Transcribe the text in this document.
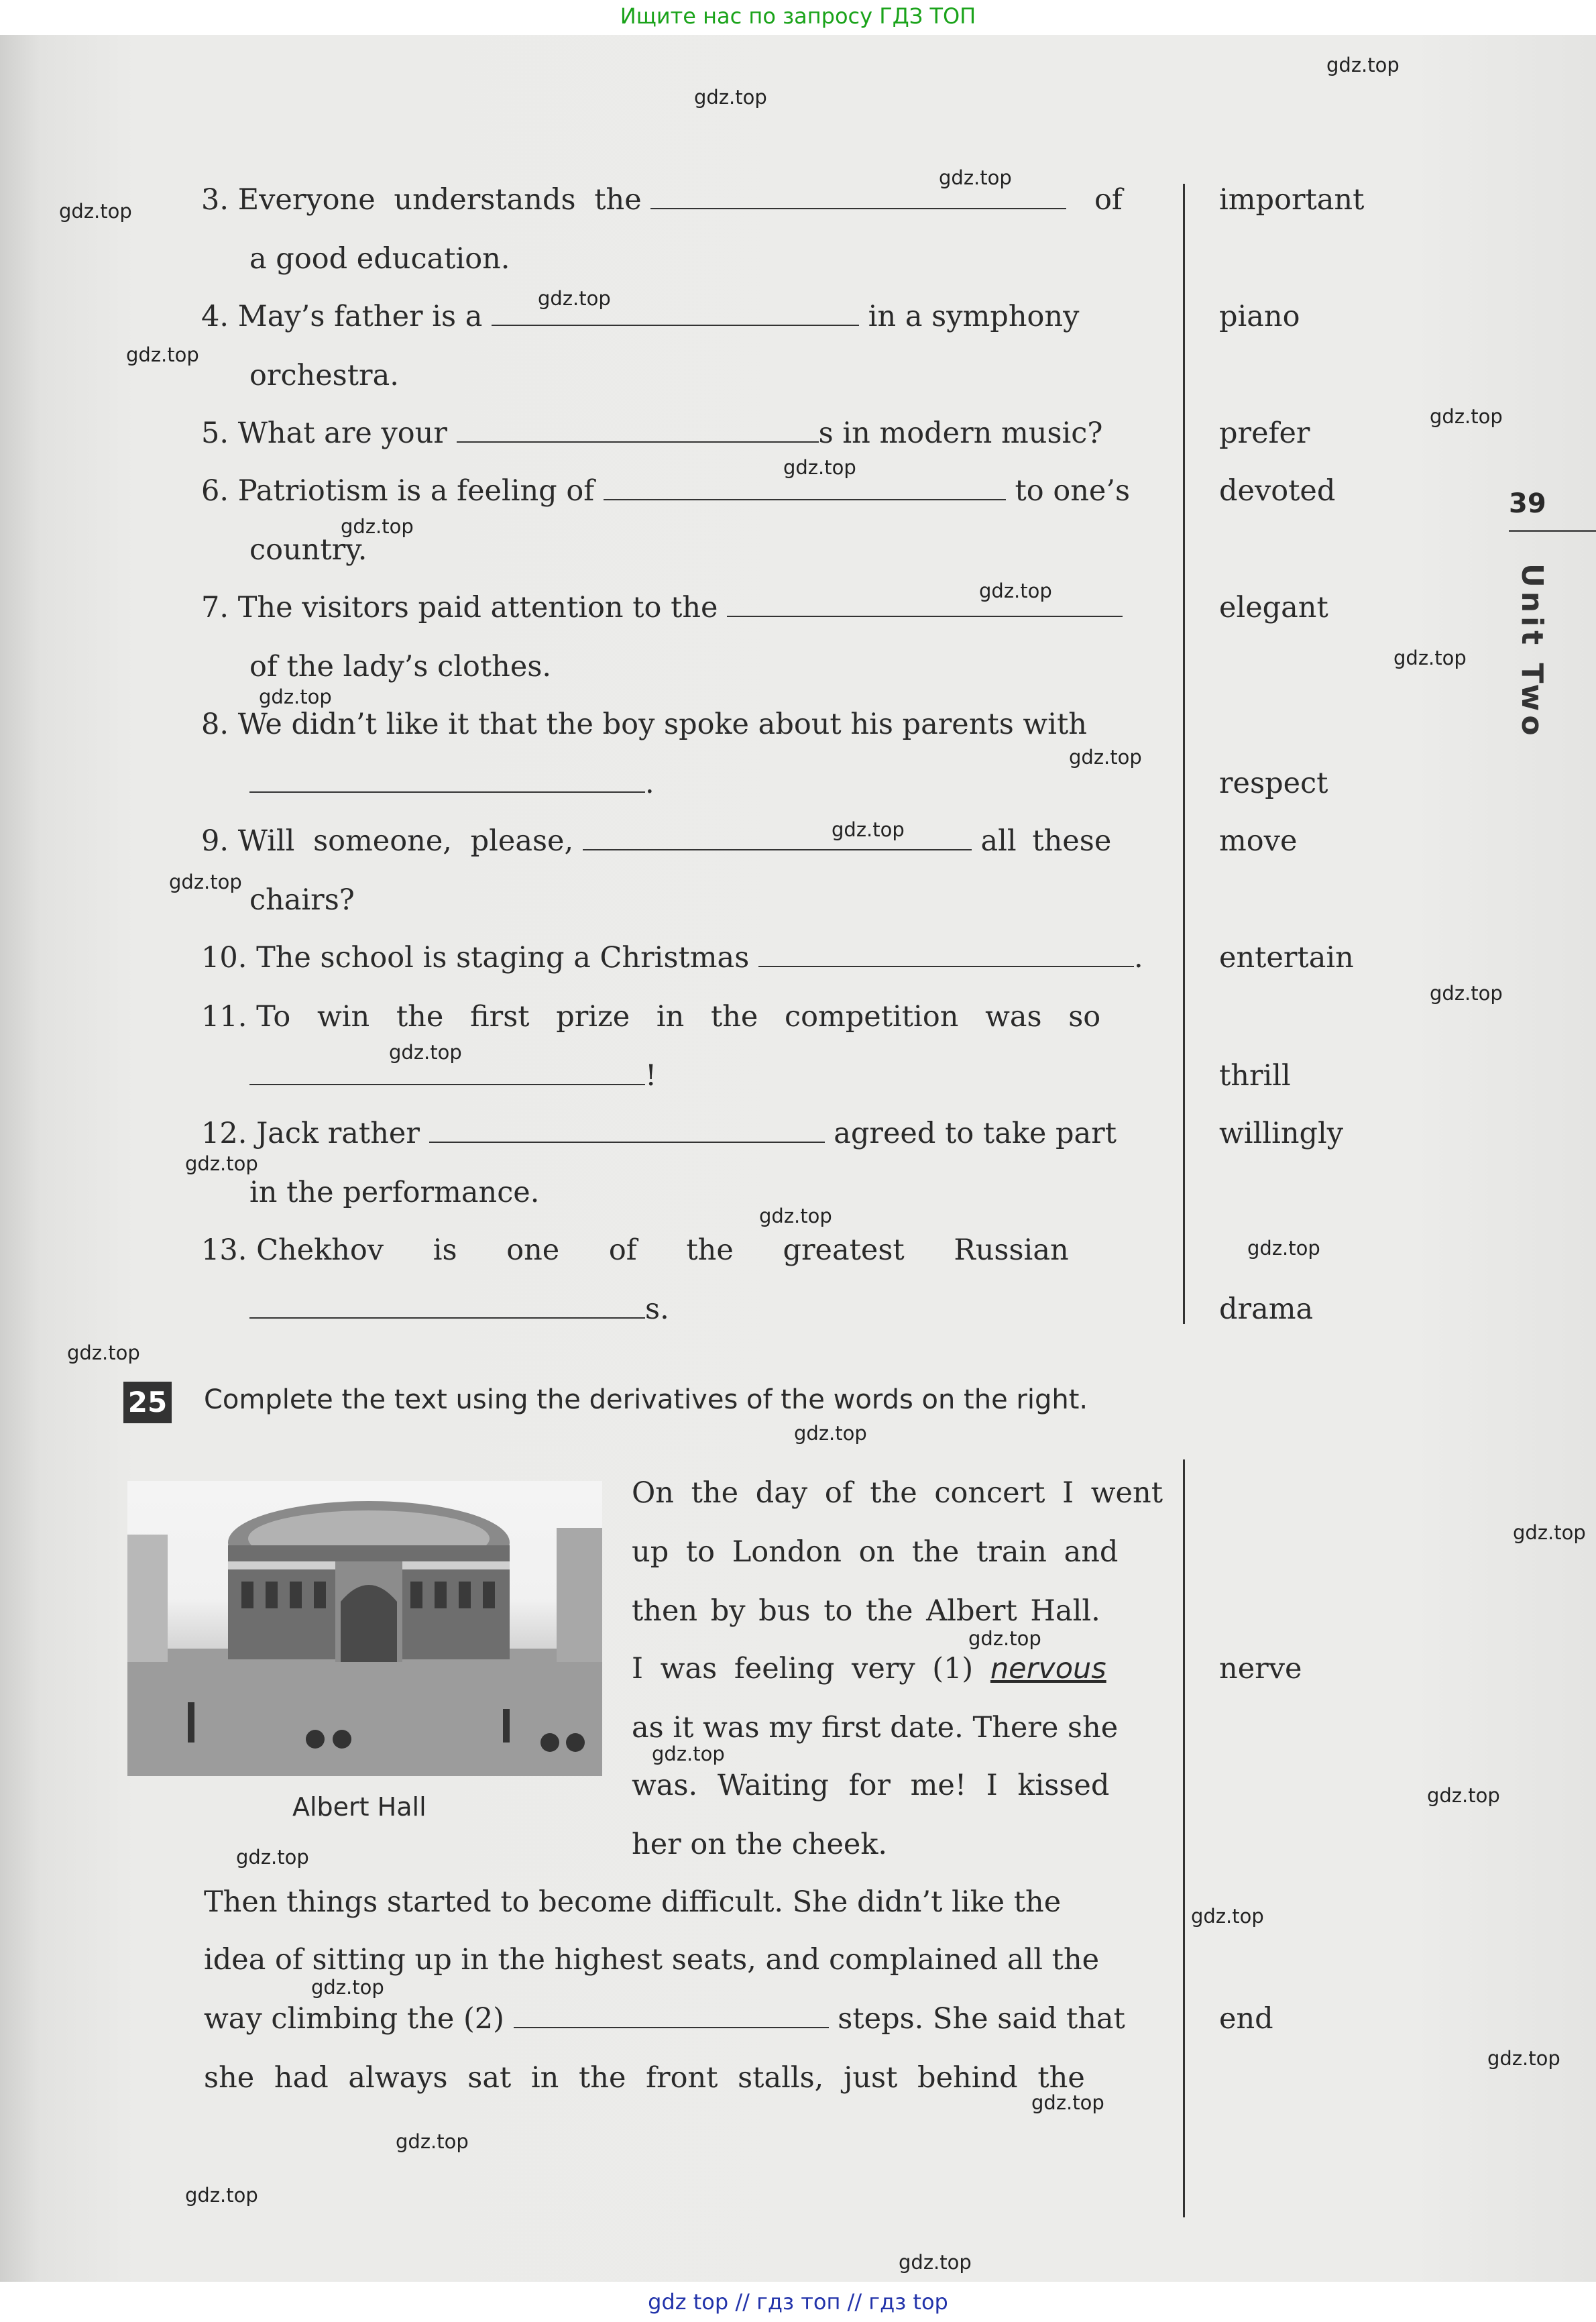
Ищите нас по запросу ГДЗ ТОП
gdz.top
gdz.top
gdz.top
gdz.top
gdz.top
gdz.top
gdz.top
gdz.top
gdz.top
gdz.top
gdz.top
gdz.top
gdz.top
gdz.top
gdz.top
gdz.top
gdz.top
gdz.top
gdz.top
gdz.top
gdz.top
gdz.top
gdz.top
gdz.top
gdz.top
gdz.top
gdz.top
gdz.top
gdz.top
gdz.top
gdz.top
gdz.top
gdz.top
gdz.top
39
Unit Two
3. Everyone understands the	of
a good education.
important
4. May’s father is a	in a symphony
orchestra.
piano
5. What are your	s in modern music?	prefer
6. Patriotism is a feeling of	to one’s
country.
devoted
7. The visitors paid attention to the
of the lady’s clothes.
elegant
8. We didn’t like it that the boy spoke about his parents with
.	respect
9. Will someone, please,	all these
chairs?
move
10. The school is staging a Christmas	.	entertain
11. To win the first prize in the competition was so
!	thrill
12. Jack rather	agreed to take part
in the performance.
willingly
13. Chekhov is one of the greatest Russian
s.	drama
25 Complete the text using the derivatives of the words on the right.
Albert Hall
On the day of the concert I went
up to London on the train and
then by bus to the Albert Hall.
I was feeling very (1) nervous	nerve
as it was my first date. There she
was. Waiting for me! I kissed
her on the cheek.
Then things started to become difficult. She didn’t like the
idea of sitting up in the highest seats, and complained all the
way climbing the (2)	steps. She said that	end
she had always sat in the front stalls, just behind the
gdz top // гдз топ // гдз top
